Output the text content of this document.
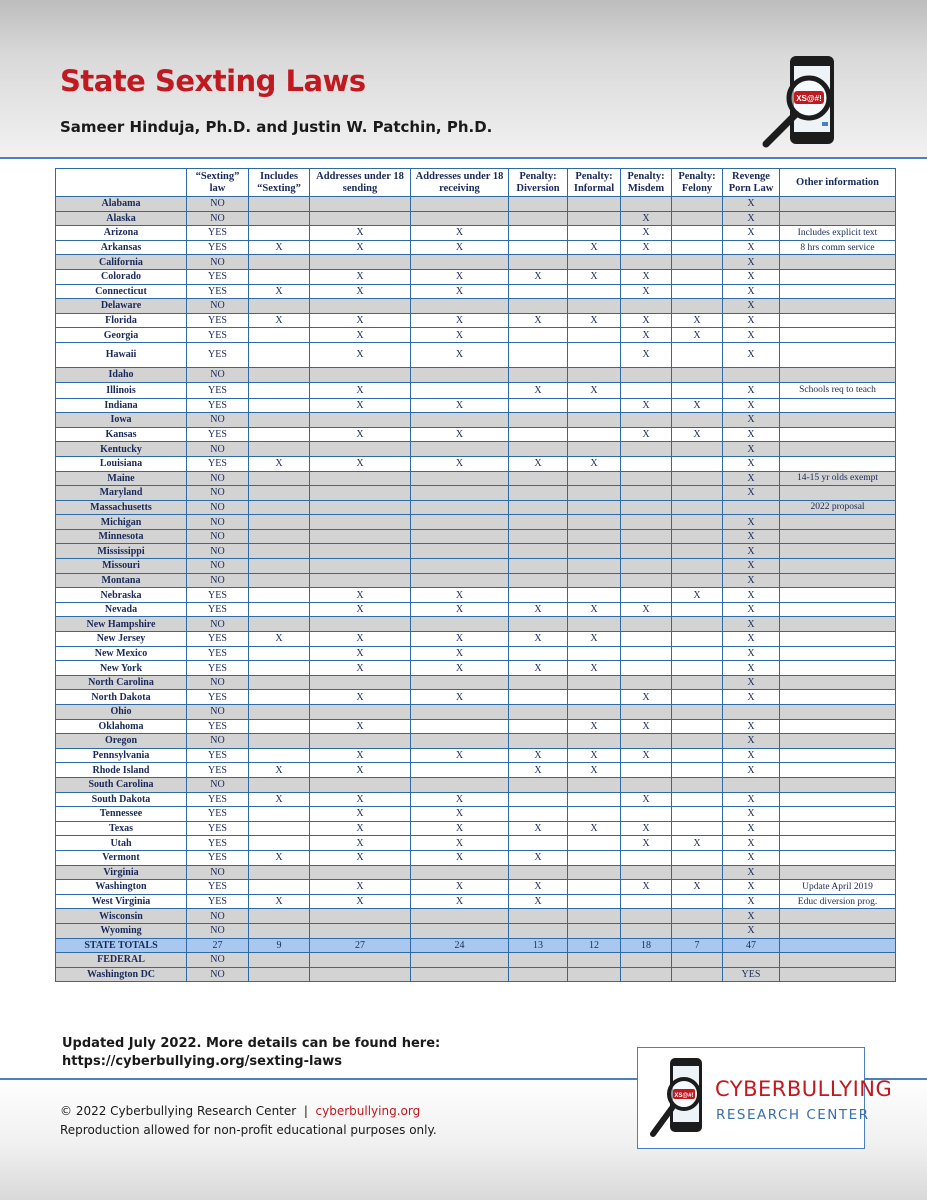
State Sexting Laws
Sameer Hinduja, Ph.D. and Justin W. Patchin, Ph.D.
XS@#!
	“Sexting” law	Includes “Sexting”	Addresses under 18 sending	Addresses under 18 receiving	Penalty: Diversion	Penalty: Informal	Penalty: Misdem	Penalty: Felony	Revenge Porn Law	Other information
Alabama	NO								X	
Alaska	NO						X		X	
Arizona	YES		X	X			X		X	Includes explicit text
Arkansas	YES	X	X	X		X	X		X	8 hrs comm service
California	NO								X	
Colorado	YES		X	X	X	X	X		X	
Connecticut	YES	X	X	X			X		X	
Delaware	NO								X	
Florida	YES	X	X	X	X	X	X	X	X	
Georgia	YES		X	X			X	X	X	
Hawaii	YES		X	X			X		X	
Idaho	NO									
Illinois	YES		X		X	X			X	Schools req to teach
Indiana	YES		X	X			X	X	X	
Iowa	NO								X	
Kansas	YES		X	X			X	X	X	
Kentucky	NO								X	
Louisiana	YES	X	X	X	X	X			X	
Maine	NO								X	14-15 yr olds exempt
Maryland	NO								X	
Massachusetts	NO									2022 proposal
Michigan	NO								X	
Minnesota	NO								X	
Mississippi	NO								X	
Missouri	NO								X	
Montana	NO								X	
Nebraska	YES		X	X				X	X	
Nevada	YES		X	X	X	X	X		X	
New Hampshire	NO								X	
New Jersey	YES	X	X	X	X	X			X	
New Mexico	YES		X	X					X	
New York	YES		X	X	X	X			X	
North Carolina	NO								X	
North Dakota	YES		X	X			X		X	
Ohio	NO									
Oklahoma	YES		X			X	X		X	
Oregon	NO								X	
Pennsylvania	YES		X	X	X	X	X		X	
Rhode Island	YES	X	X		X	X			X	
South Carolina	NO									
South Dakota	YES	X	X	X			X		X	
Tennessee	YES		X	X					X	
Texas	YES		X	X	X	X	X		X	
Utah	YES		X	X			X	X	X	
Vermont	YES	X	X	X	X				X	
Virginia	NO								X	
Washington	YES		X	X	X		X	X	X	Update April 2019
West Virginia	YES	X	X	X	X				X	Educ diversion prog.
Wisconsin	NO								X	
Wyoming	NO								X	
STATE TOTALS	27	9	27	24	13	12	18	7	47	
FEDERAL	NO									
Washington DC	NO								YES	
Updated July 2022. More details can be found here:
https://cyberbullying.org/sexting-laws
© 2022 Cyberbullying Research Center | cyberbullying.org
Reproduction allowed for non-profit educational purposes only.
XS@#! CYBERBULLYING
RESEARCH CENTER
